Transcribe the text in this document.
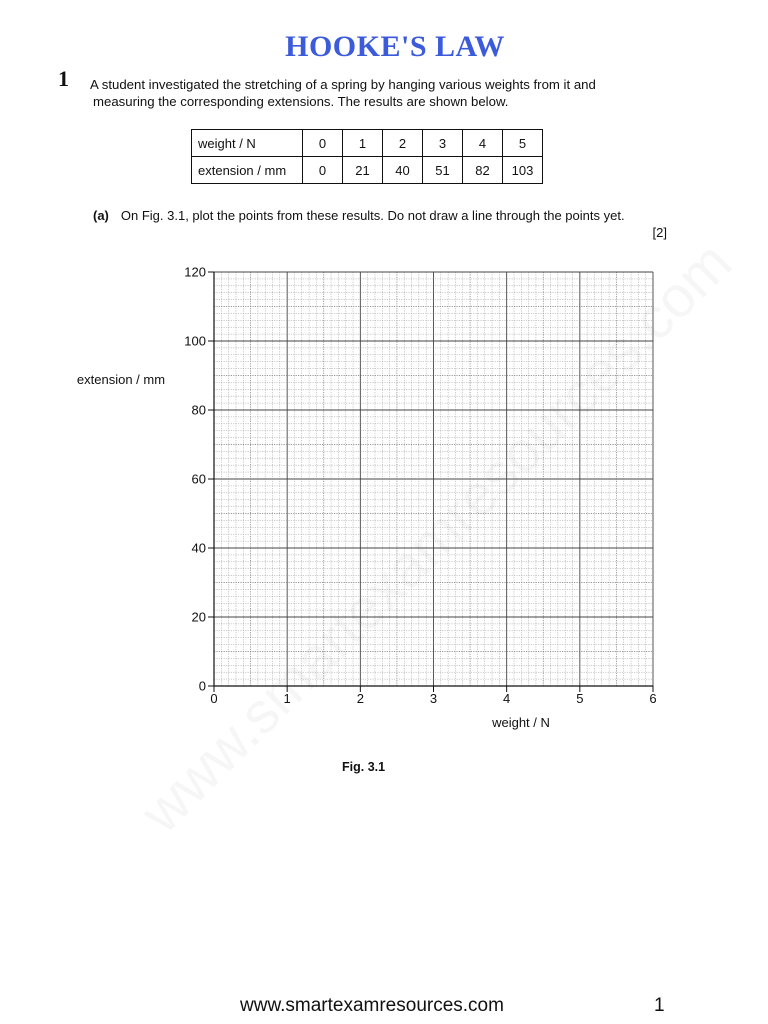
HOOKE'S LAW
1 A student investigated the stretching of a spring by hanging various weights from it and
measuring the corresponding extensions. The results are shown below.
weight / N	0	1	2	3	4	5
extension / mm	0	21	40	51	82	103
(a) On Fig. 3.1, plot the points from these results. Do not draw a line through the points yet.
[2]
0
20
40
60
80
100
120
0	1	2	3	4	5	6
extension / mm
weight / N
Fig. 3.1
www.smartexamresources.com	1
